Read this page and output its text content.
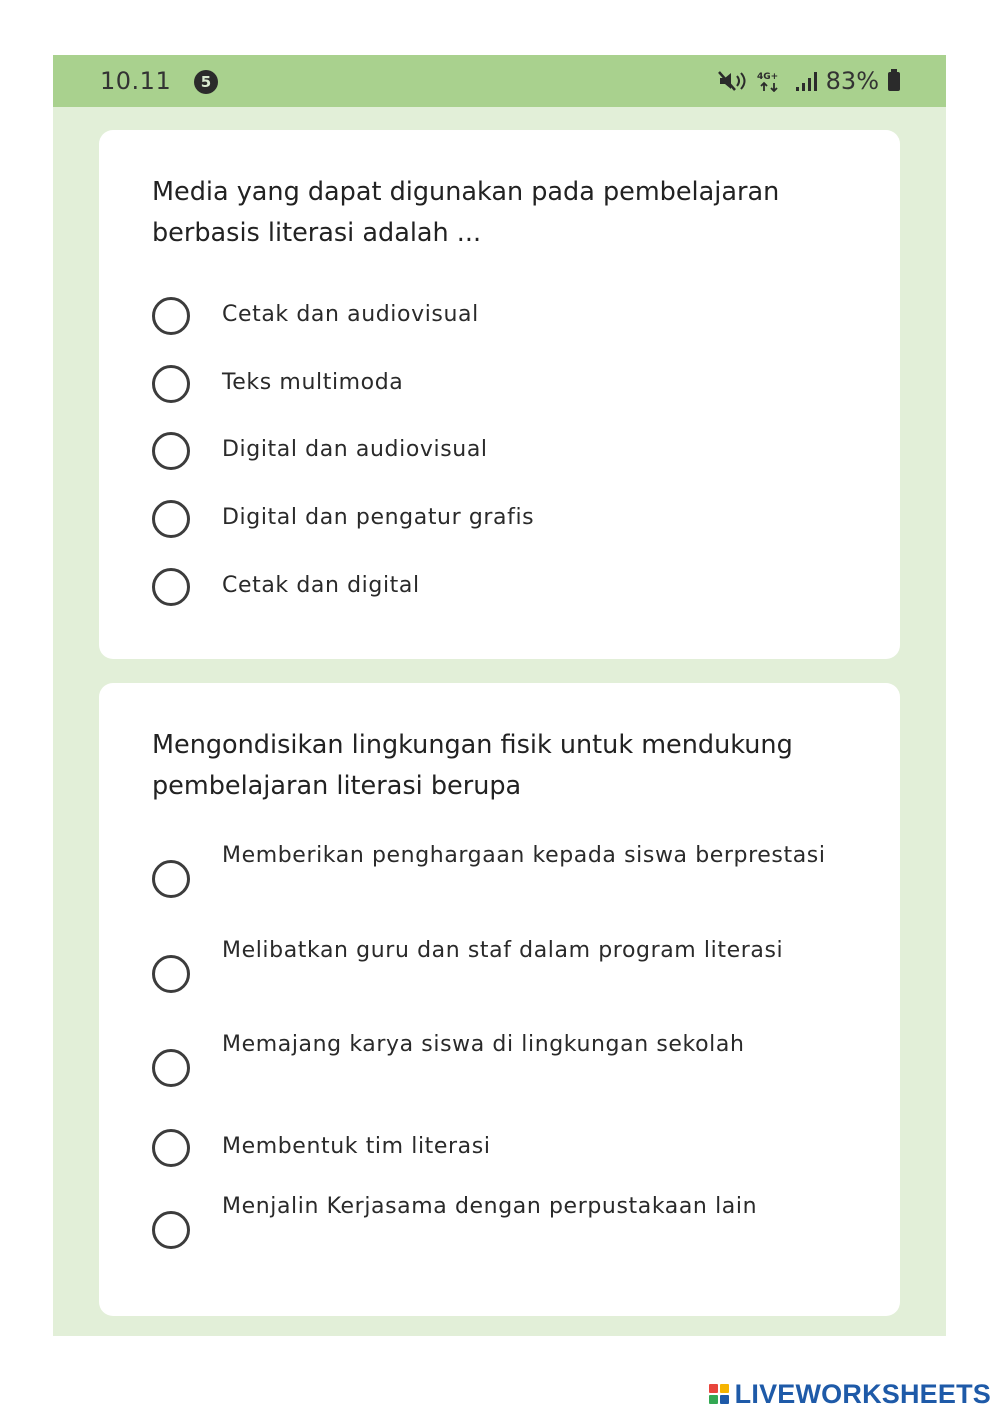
10.11	5	4G+ 83%
Media yang dapat digunakan pada pembelajaran berbasis literasi adalah ...
Cetak dan audiovisual
Teks multimoda
Digital dan audiovisual
Digital dan pengatur grafis
Cetak dan digital
Mengondisikan lingkungan fisik untuk mendukung pembelajaran literasi berupa
Memberikan penghargaan kepada siswa berprestasi
Melibatkan guru dan staf dalam program literasi
Memajang karya siswa di lingkungan sekolah
Membentuk tim literasi
Menjalin Kerjasama dengan perpustakaan lain
LIVEWORKSHEETS
